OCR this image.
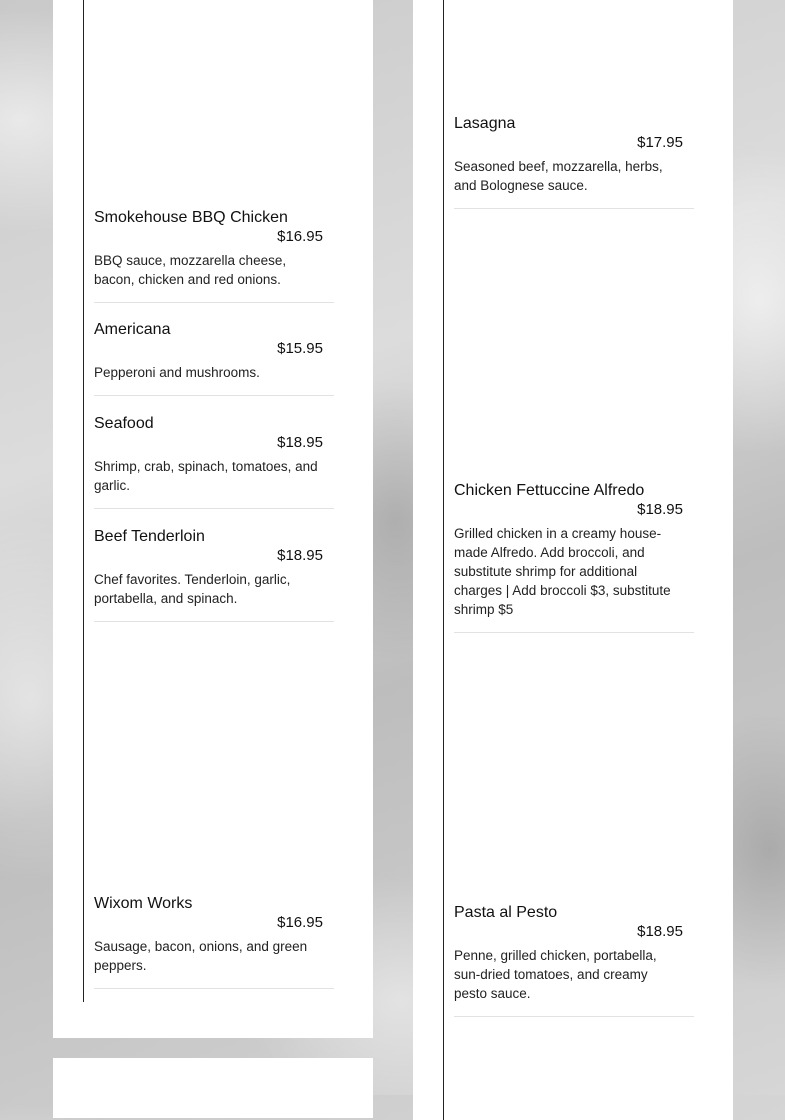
Smokehouse BBQ Chicken
$16.95
BBQ sauce, mozzarella cheese, bacon, chicken and red onions.
Americana
$15.95
Pepperoni and mushrooms.
Seafood
$18.95
Shrimp, crab, spinach, tomatoes, and garlic.
Beef Tenderloin
$18.95
Chef favorites. Tenderloin, garlic, portabella, and spinach.
Wixom Works
$16.95
Sausage, bacon, onions, and green peppers.
Lasagna
$17.95
Seasoned beef, mozzarella, herbs, and Bolognese sauce.
Chicken Fettuccine Alfredo
$18.95
Grilled chicken in a creamy house-made Alfredo. Add broccoli, and substitute shrimp for additional charges | Add broccoli $3, substitute shrimp $5
Pasta al Pesto
$18.95
Penne, grilled chicken, portabella, sun-dried tomatoes, and creamy pesto sauce.
